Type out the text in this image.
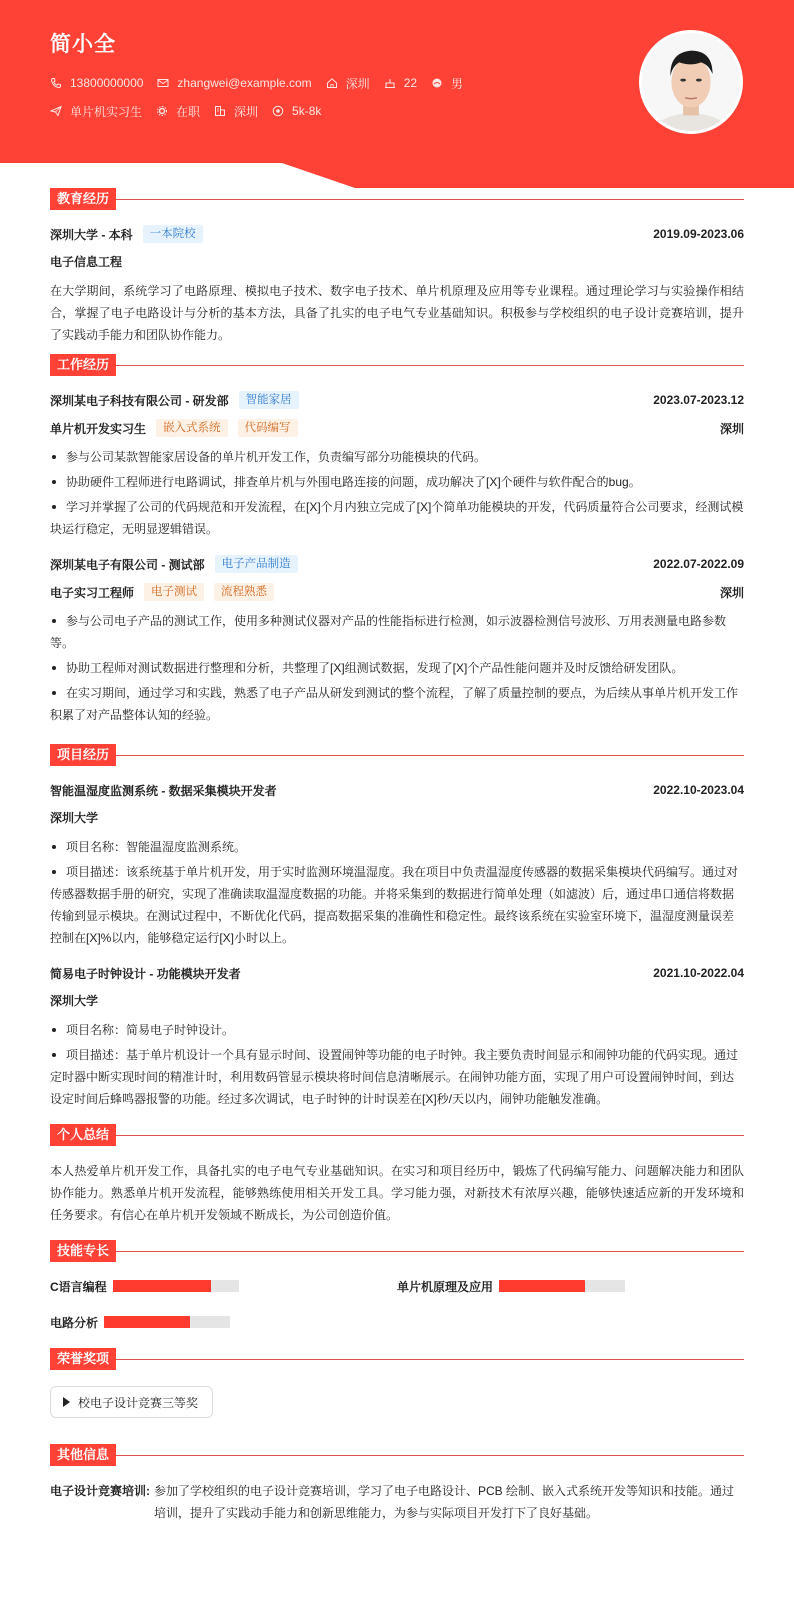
简小全
13800000000	zhangwei@example.com	深圳	22	男
单片机实习生	在职	深圳	5k-8k
教育经历
深圳大学 - 本科	一本院校	2019.09-2023.06
电子信息工程
在大学期间，系统学习了电路原理、模拟电子技术、数字电子技术、单片机原理及应用等专业课程。通过理论学习与实验操作相结合，掌握了电子电路设计与分析的基本方法，具备了扎实的电子电气专业基础知识。积极参与学校组织的电子设计竞赛培训，提升了实践动手能力和团队协作能力。
工作经历
深圳某电子科技有限公司 - 研发部	智能家居	2023.07-2023.12
单片机开发实习生	嵌入式系统	代码编写	深圳
参与公司某款智能家居设备的单片机开发工作，负责编写部分功能模块的代码。
协助硬件工程师进行电路调试，排查单片机与外围电路连接的问题，成功解决了[X]个硬件与软件配合的bug。
学习并掌握了公司的代码规范和开发流程，在[X]个月内独立完成了[X]个简单功能模块的开发，代码质量符合公司要求，经测试模块运行稳定，无明显逻辑错误。
深圳某电子有限公司 - 测试部	电子产品制造	2022.07-2022.09
电子实习工程师	电子测试	流程熟悉	深圳
参与公司电子产品的测试工作，使用多种测试仪器对产品的性能指标进行检测，如示波器检测信号波形、万用表测量电路参数等。
协助工程师对测试数据进行整理和分析，共整理了[X]组测试数据，发现了[X]个产品性能问题并及时反馈给研发团队。
在实习期间，通过学习和实践，熟悉了电子产品从研发到测试的整个流程，了解了质量控制的要点，为后续从事单片机开发工作积累了对产品整体认知的经验。
项目经历
智能温湿度监测系统 - 数据采集模块开发者	2022.10-2023.04
深圳大学
项目名称：智能温湿度监测系统。
项目描述：该系统基于单片机开发，用于实时监测环境温湿度。我在项目中负责温湿度传感器的数据采集模块代码编写。通过对传感器数据手册的研究，实现了准确读取温湿度数据的功能。并将采集到的数据进行简单处理（如滤波）后，通过串口通信将数据传输到显示模块。在测试过程中，不断优化代码，提高数据采集的准确性和稳定性。最终该系统在实验室环境下，温湿度测量误差控制在[X]%以内，能够稳定运行[X]小时以上。
简易电子时钟设计 - 功能模块开发者	2021.10-2022.04
深圳大学
项目名称：简易电子时钟设计。
项目描述：基于单片机设计一个具有显示时间、设置闹钟等功能的电子时钟。我主要负责时间显示和闹钟功能的代码实现。通过定时器中断实现时间的精准计时，利用数码管显示模块将时间信息清晰展示。在闹钟功能方面，实现了用户可设置闹钟时间，到达设定时间后蜂鸣器报警的功能。经过多次调试，电子时钟的计时误差在[X]秒/天以内，闹钟功能触发准确。
个人总结
本人热爱单片机开发工作，具备扎实的电子电气专业基础知识。在实习和项目经历中，锻炼了代码编写能力、问题解决能力和团队协作能力。熟悉单片机开发流程，能够熟练使用相关开发工具。学习能力强，对新技术有浓厚兴趣，能够快速适应新的开发环境和任务要求。有信心在单片机开发领域不断成长，为公司创造价值。
技能专长
C语言编程	单片机原理及应用
电路分析
荣誉奖项
校电子设计竞赛三等奖
其他信息
电子设计竞赛培训: 参加了学校组织的电子设计竞赛培训，学习了电子电路设计、PCB 绘制、嵌入式系统开发等知识和技能。通过培训，提升了实践动手能力和创新思维能力，为参与实际项目开发打下了良好基础。
